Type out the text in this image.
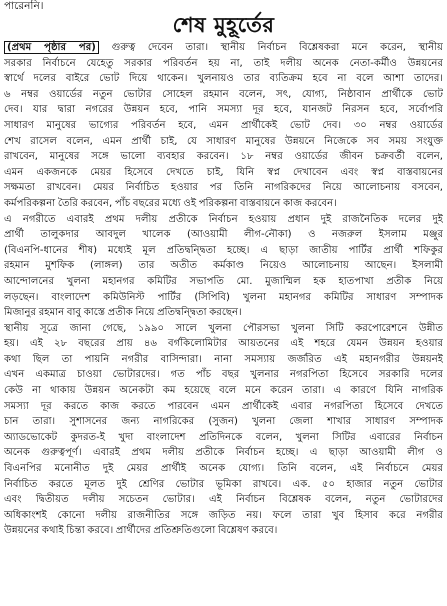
পারেননি।
শেষ মুহূর্তের
(প্রথম পৃষ্ঠার পর) গুরুত্ব দেবেন তারা। স্থানীয় নির্বাচন বিশ্লেষকরা মনে করেন, স্থানীয়
সরকার নির্বাচনে যেহেতু সরকার পরিবর্তন হয় না, তাই দলীয় অনেক নেতা-কর্মীও উন্নয়নের
স্বার্থে দলের বাইরে ভোট দিয়ে থাকেন। খুলনায়ও তার ব্যতিক্রম হবে না বলে আশা তাদের।
৬ নম্বর ওয়ার্ডের নতুন ভোটার সোহেল রহমান বলেন, সৎ, যোগ্য, নিষ্ঠাবান প্রার্থীকে ভোট
দেব। যার দ্বারা নগরের উন্নয়ন হবে, পানি সমস্যা দূর হবে, যানজট নিরসন হবে, সর্বোপরি
সাধারণ মানুষের ভাগ্যের পরিবর্তন হবে, এমন প্রার্থীকেই ভোট দেব। ৩০ নম্বর ওয়ার্ডের
শেখ রাসেল বলেন, এমন প্রার্থী চাই, যে সাধারণ মানুষের উন্নয়নে নিজেকে সব সময় সংযুক্ত
রাখবেন, মানুষের সঙ্গে ভালো ব্যবহার করবেন। ১৮ নম্বর ওয়ার্ডের জীবন চক্রবর্তী বলেন,
এমন একজনকে মেয়র হিসেবে দেখতে চাই, যিনি স্বপ্ন দেখাবেন এবং স্বপ্ন বাস্তবায়নের
সক্ষমতা রাখবেন। মেয়র নির্বাচিত হওয়ার পর তিনি নাগরিকদের নিয়ে আলোচনায় বসবেন,
কর্মপরিকল্পনা তৈরি করবেন, পাঁচ বছরের মধ্যে ওই পরিকল্পনা বাস্তবায়নে কাজ করবেন।
এ নগরীতে এবারই প্রথম দলীয় প্রতীকে নির্বাচন হওয়ায় প্রধান দুই রাজনৈতিক দলের দুই
প্রার্থী তালুকদার আবদুল খালেক (আওয়ামী লীগ-নৌকা) ও নজরুল ইসলাম মঞ্জুর
(বিএনপি-ধানের শীষ) মধ্যেই মূল প্রতিদ্বন্দ্বিতা হচ্ছে। এ ছাড়া জাতীয় পার্টির প্রার্থী শফিকুর
রহমান মুশফিক (লাঙ্গল) তার অতীত কর্মকাণ্ড নিয়েও আলোচনায় আছেন। ইসলামী
আন্দোলনের খুলনা মহানগর কমিটির সভাপতি মো. মুজাম্মিল হক হাতপাখা প্রতীক নিয়ে
লড়ছেন। বাংলাদেশ কমিউনিস্ট পার্টির (সিপিবি) খুলনা মহানগর কমিটির সাধারণ সম্পাদক
মিজানুর রহমান বাবু কাস্তে প্রতীক নিয়ে প্রতিদ্বন্দ্বিতা করছেন।
স্থানীয় সূত্রে জানা গেছে, ১৯৯০ সালে খুলনা পৌরসভা খুলনা সিটি করপোরেশনে উন্নীত
হয়। এই ২৮ বছরের প্রায় ৪৬ বর্গকিলোমিটার আয়তনের এই শহরে যেমন উন্নয়ন হওয়ার
কথা ছিল তা পায়নি নগরীর বাসিন্দারা। নানা সমস্যায় জর্জরিত এই মহানগরীর উন্নয়নই
এখন একমাত্র চাওয়া ভোটারদের। গত পাঁচ বছর খুলনার নগরপিতা হিসেবে সরকারি দলের
কেউ না থাকায় উন্নয়ন অনেকটা কম হয়েছে বলে মনে করেন তারা। এ কারণে যিনি নাগরিক
সমস্যা দূর করতে কাজ করতে পারবেন এমন প্রার্থীকেই এবার নগরপিতা হিসেবে দেখতে
চান তারা। সুশাসনের জন্য নাগরিকের (সুজন) খুলনা জেলা শাখার সাধারণ সম্পাদক
অ্যাডভোকেট কুদরত-ই খুদা বাংলাদেশ প্রতিদিনকে বলেন, খুলনা সিটির এবারের নির্বাচন
অনেক গুরুত্বপূর্ণ। এবারই প্রথম দলীয় প্রতীকে নির্বাচন হচ্ছে। এ ছাড়া আওয়ামী লীগ ও
বিএনপির মনোনীত দুই মেয়র প্রার্থীই অনেক যোগ্য। তিনি বলেন, এই নির্বাচনে মেয়র
নির্বাচিত করতে মূলত দুই শ্রেণির ভোটার ভূমিকা রাখবে। এক. ৫০ হাজার নতুন ভোটার
এবং দ্বিতীয়ত দলীয় সচেতন ভোটার। এই নির্বাচন বিশ্লেষক বলেন, নতুন ভোটারদের
অধিকাংশই কোনো দলীয় রাজনীতির সঙ্গে জড়িত নয়। ফলে তারা খুব হিসাব করে নগরীর
উন্নয়নের কথাই চিন্তা করবে। প্রার্থীদের প্রতিশ্রুতিগুলো বিশ্লেষণ করবে।
